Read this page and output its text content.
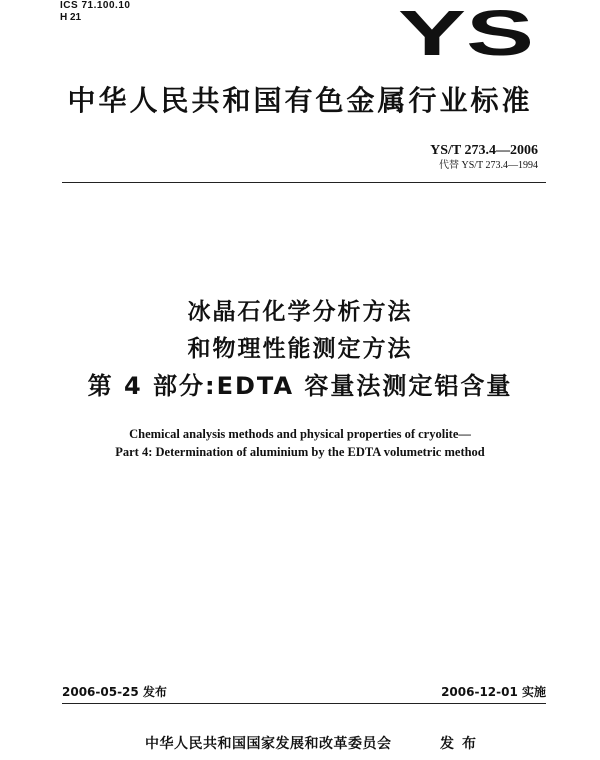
ICS 71.100.10
H 21	YS
中华人民共和国有色金属行业标准
YS/T 273.4—2006
代替 YS/T 273.4—1994
冰晶石化学分析方法
和物理性能测定方法
第 4 部分:EDTA 容量法测定铝含量
Chemical analysis methods and physical properties of cryolite—
Part 4: Determination of aluminium by the EDTA volumetric method
2006-05-25 发布	2006-12-01 实施
中华人民共和国国家发展和改革委员会	发布
